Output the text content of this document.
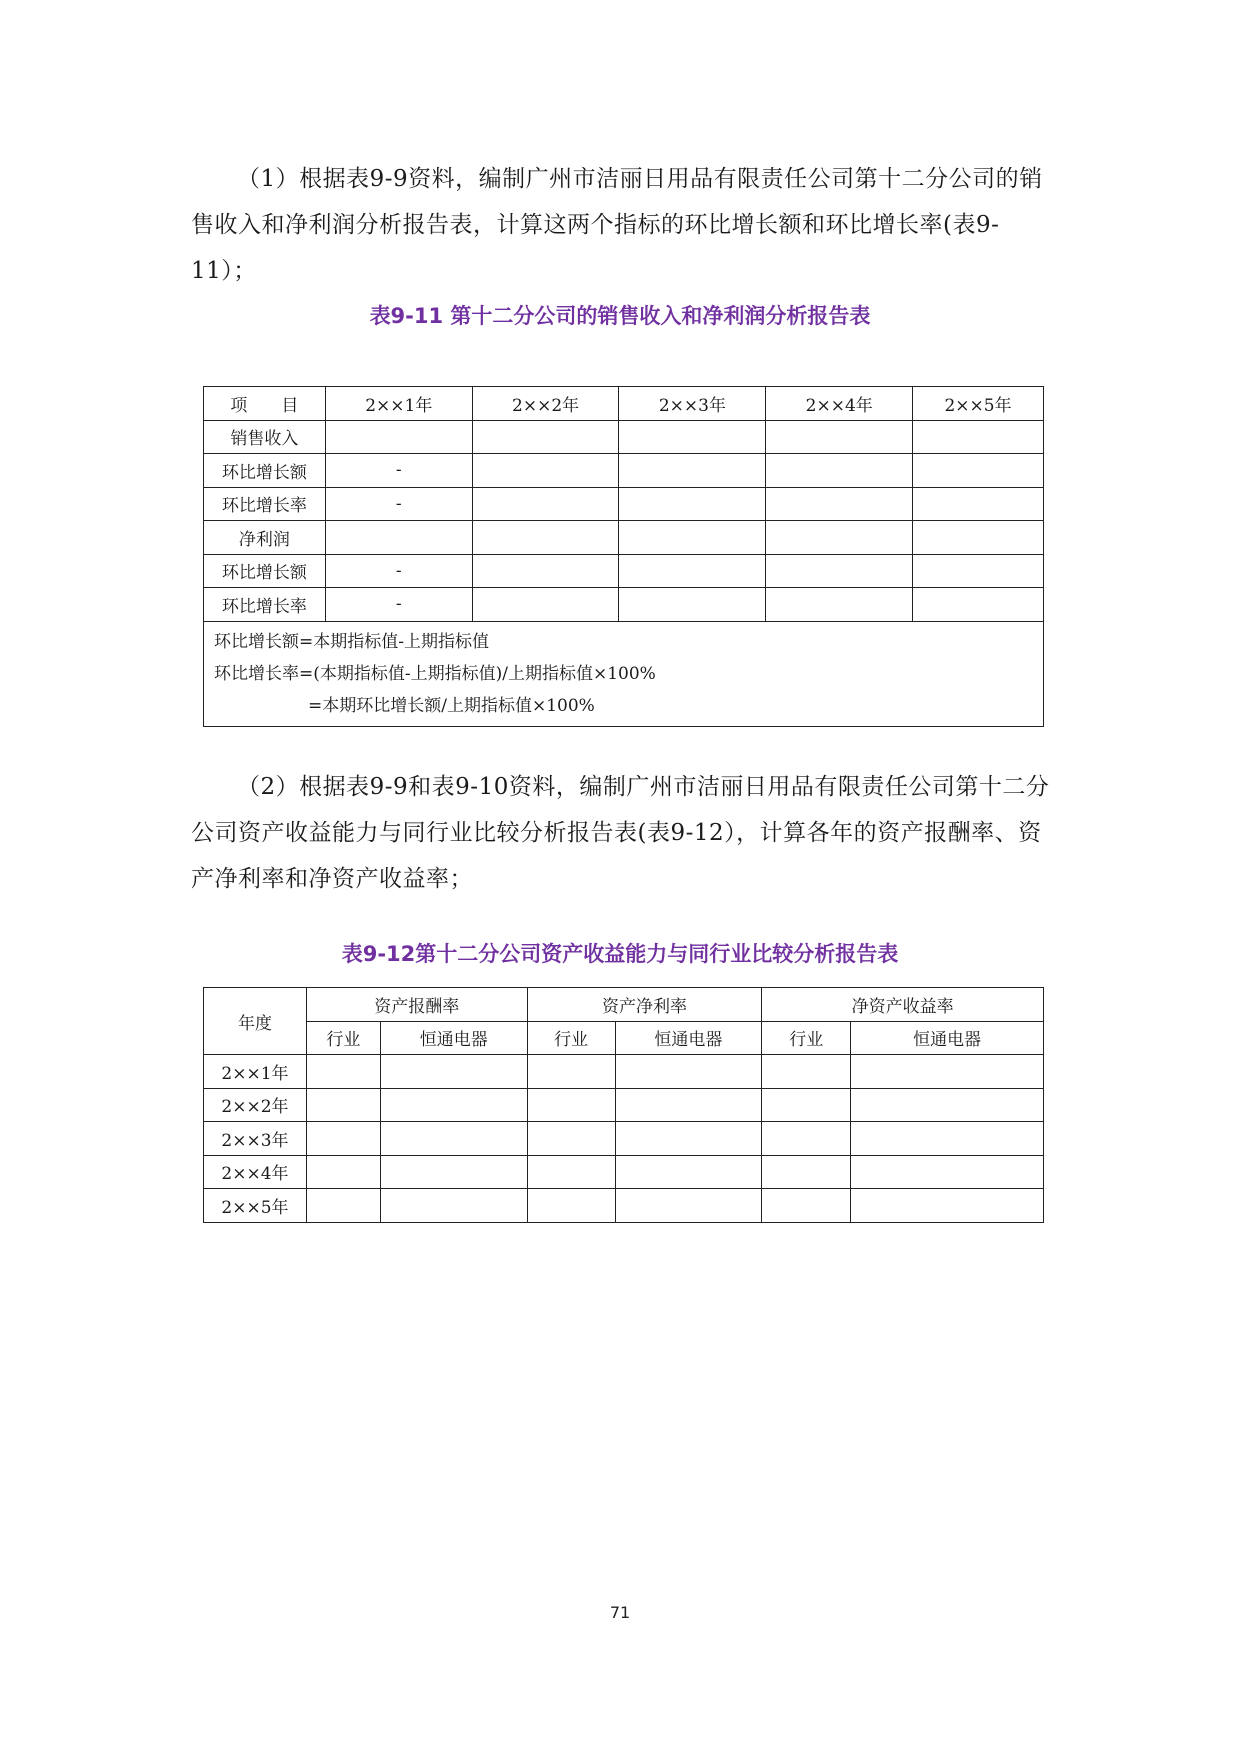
（1）根据表9-9资料，编制广州市洁丽日用品有限责任公司第十二分公司的销售收入和净利润分析报告表，计算这两个指标的环比增长额和环比增长率(表9-11）；

表9-11 第十二分公司的销售收入和净利润分析报告表

项　　目	2××1年	2××2年	2××3年	2××4年	2××5年
销售收入					
环比增长额	-				
环比增长率	-				
净利润					
环比增长额	-				
环比增长率	-				

环比增长额=本期指标值-上期指标值
环比增长率=(本期指标值-上期指标值)/上期指标值×100%
=本期环比增长额/上期指标值×100%					

（2）根据表9-9和表9-10资料，编制广州市洁丽日用品有限责任公司第十二分公司资产收益能力与同行业比较分析报告表(表9-12），计算各年的资产报酬率、资产净利率和净资产收益率；

表9-12第十二分公司资产收益能力与同行业比较分析报告表

年度	资产报酬率		资产净利率		净资产收益率	
	行业	恒通电器	行业	恒通电器	行业	恒通电器
2××1年						
2××2年						
2××3年						
2××4年						
2××5年						
71
